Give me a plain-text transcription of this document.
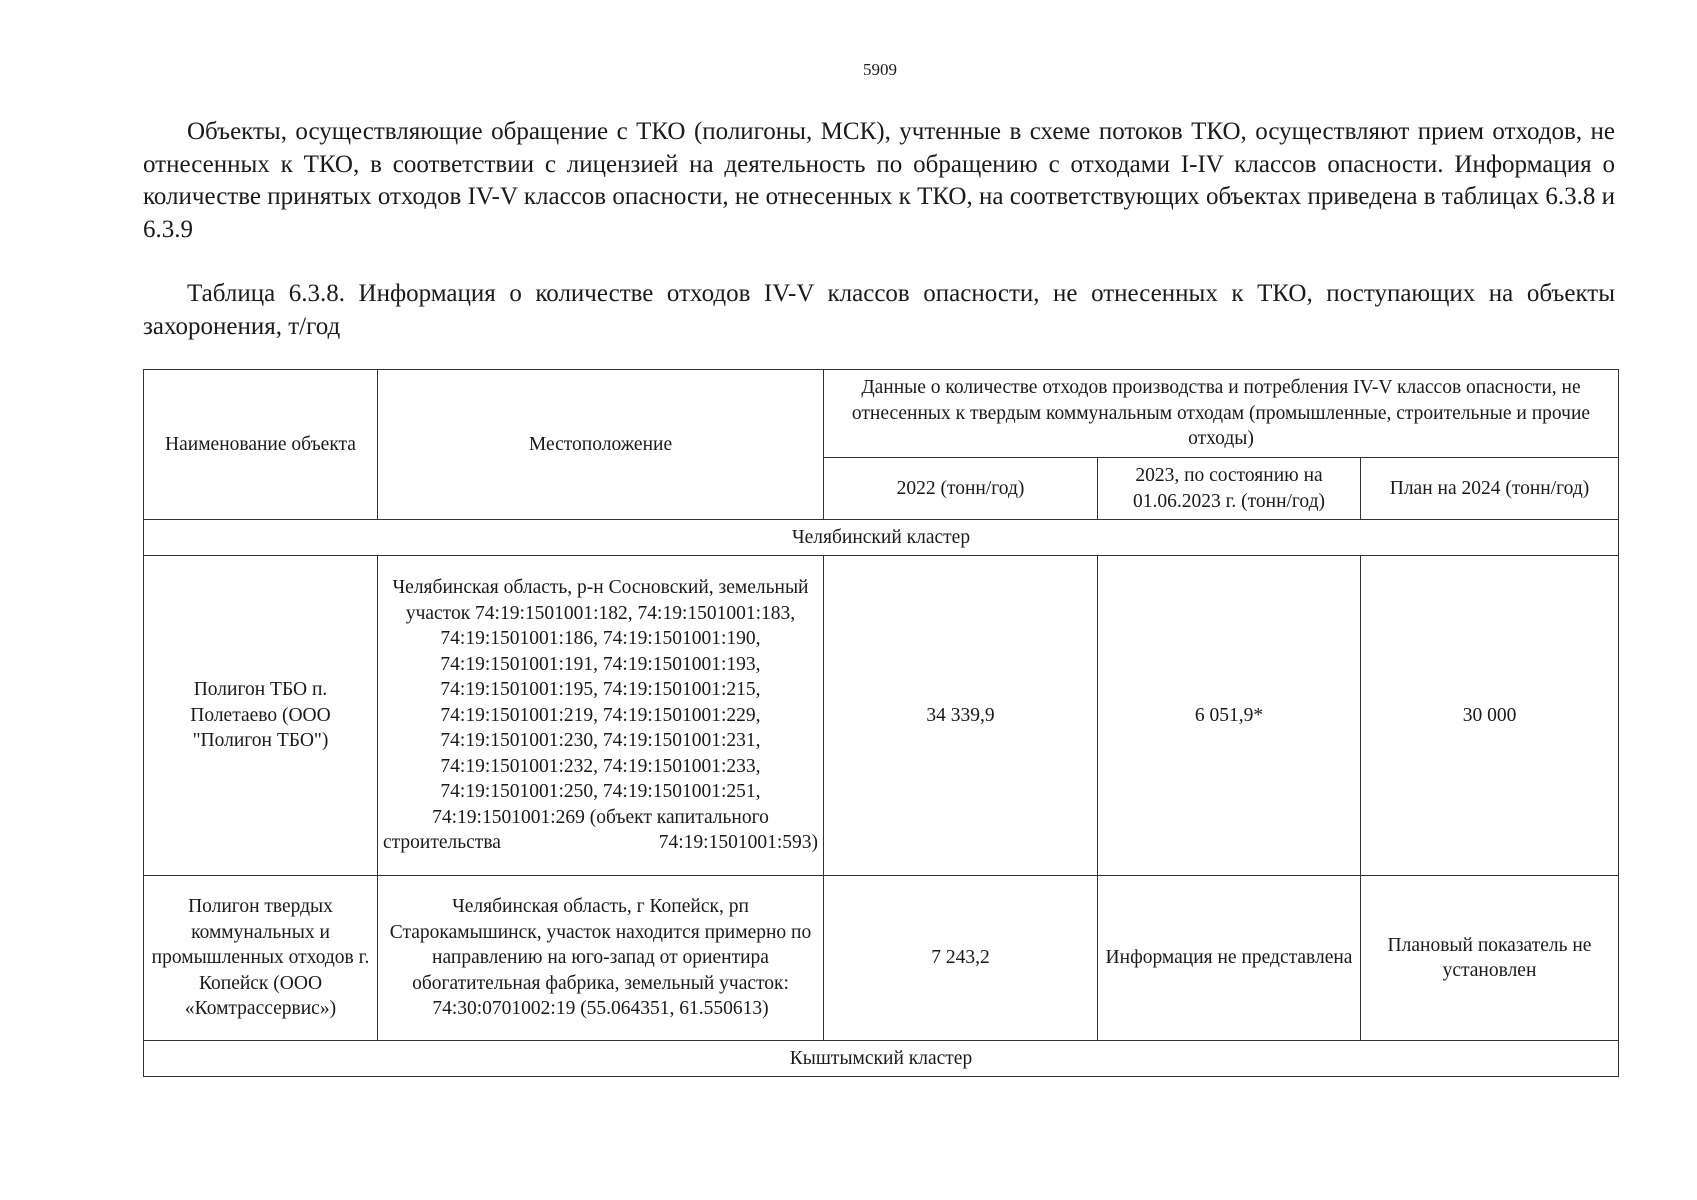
5909

Объекты, осуществляющие обращение с ТКО (полигоны, МСК), учтенные в схеме потоков ТКО, осуществляют прием отходов, не отнесенных к ТКО, в соответствии с лицензией на деятельность по обращению с отходами I-IV классов опасности. Информация о количестве принятых отходов IV-V классов опасности, не отнесенных к ТКО, на соответствующих объектах приведена в таблицах 6.3.8 и 6.3.9

Таблица 6.3.8. Информация о количестве отходов IV-V классов опасности, не отнесенных к ТКО, поступающих на объекты захоронения, т/год

Наименование объекта	Местоположение	Данные о количестве отходов производства и потребления IV-V классов опасности, не отнесенных к твердым коммунальным отходам (промышленные, строительные и прочие отходы)		
		2022 (тонн/год)	2023, по состоянию на 01.06.2023 г. (тонн/год)	План на 2024 (тонн/год)
Челябинский кластер				
Полигон ТБО п. Полетаево (ООО "Полигон ТБО")	Челябинская область, р-н Сосновский, земельный участок 74:19:1501001:182, 74:19:1501001:183, 74:19:1501001:186, 74:19:1501001:190, 74:19:1501001:191, 74:19:1501001:193, 74:19:1501001:195, 74:19:1501001:215, 74:19:1501001:219, 74:19:1501001:229, 74:19:1501001:230, 74:19:1501001:231, 74:19:1501001:232, 74:19:1501001:233, 74:19:1501001:250, 74:19:1501001:251, 74:19:1501001:269 (объект капитального строительства 74:19:1501001:593)	34 339,9	6 051,9*	30 000
Полигон твердых коммунальных и промышленных отходов г. Копейск (ООО «Комтрассервис»)	Челябинская область, г Копейск, рп Старокамышинск, участок находится примерно по направлению на юго-запад от ориентира обогатительная фабрика, земельный участок: 74:30:0701002:19 (55.064351, 61.550613)	7 243,2	Информация не представлена	Плановый показатель не установлен
Кыштымский кластер				
